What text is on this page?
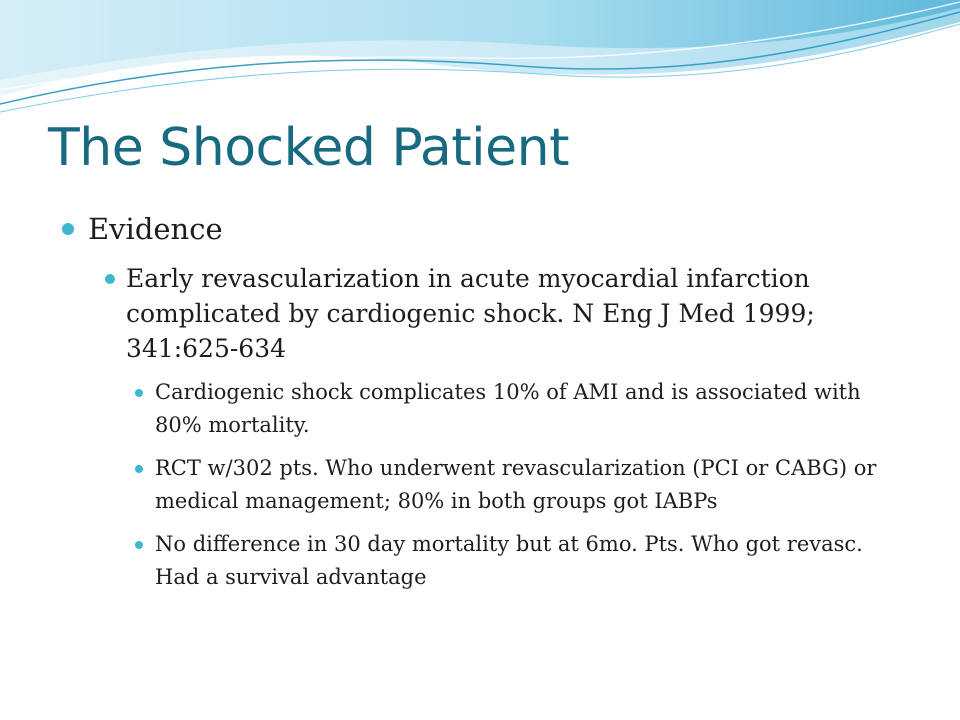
The Shocked Patient
Evidence
Early revascularization in acute myocardial infarction complicated by cardiogenic shock. N Eng J Med 1999; 341:625-634
Cardiogenic shock complicates 10% of AMI and is associated with 80% mortality.
RCT w/302 pts. Who underwent revascularization (PCI or CABG) or medical management; 80% in both groups got IABPs
No difference in 30 day mortality but at 6mo. Pts. Who got revasc. Had a survival advantage
